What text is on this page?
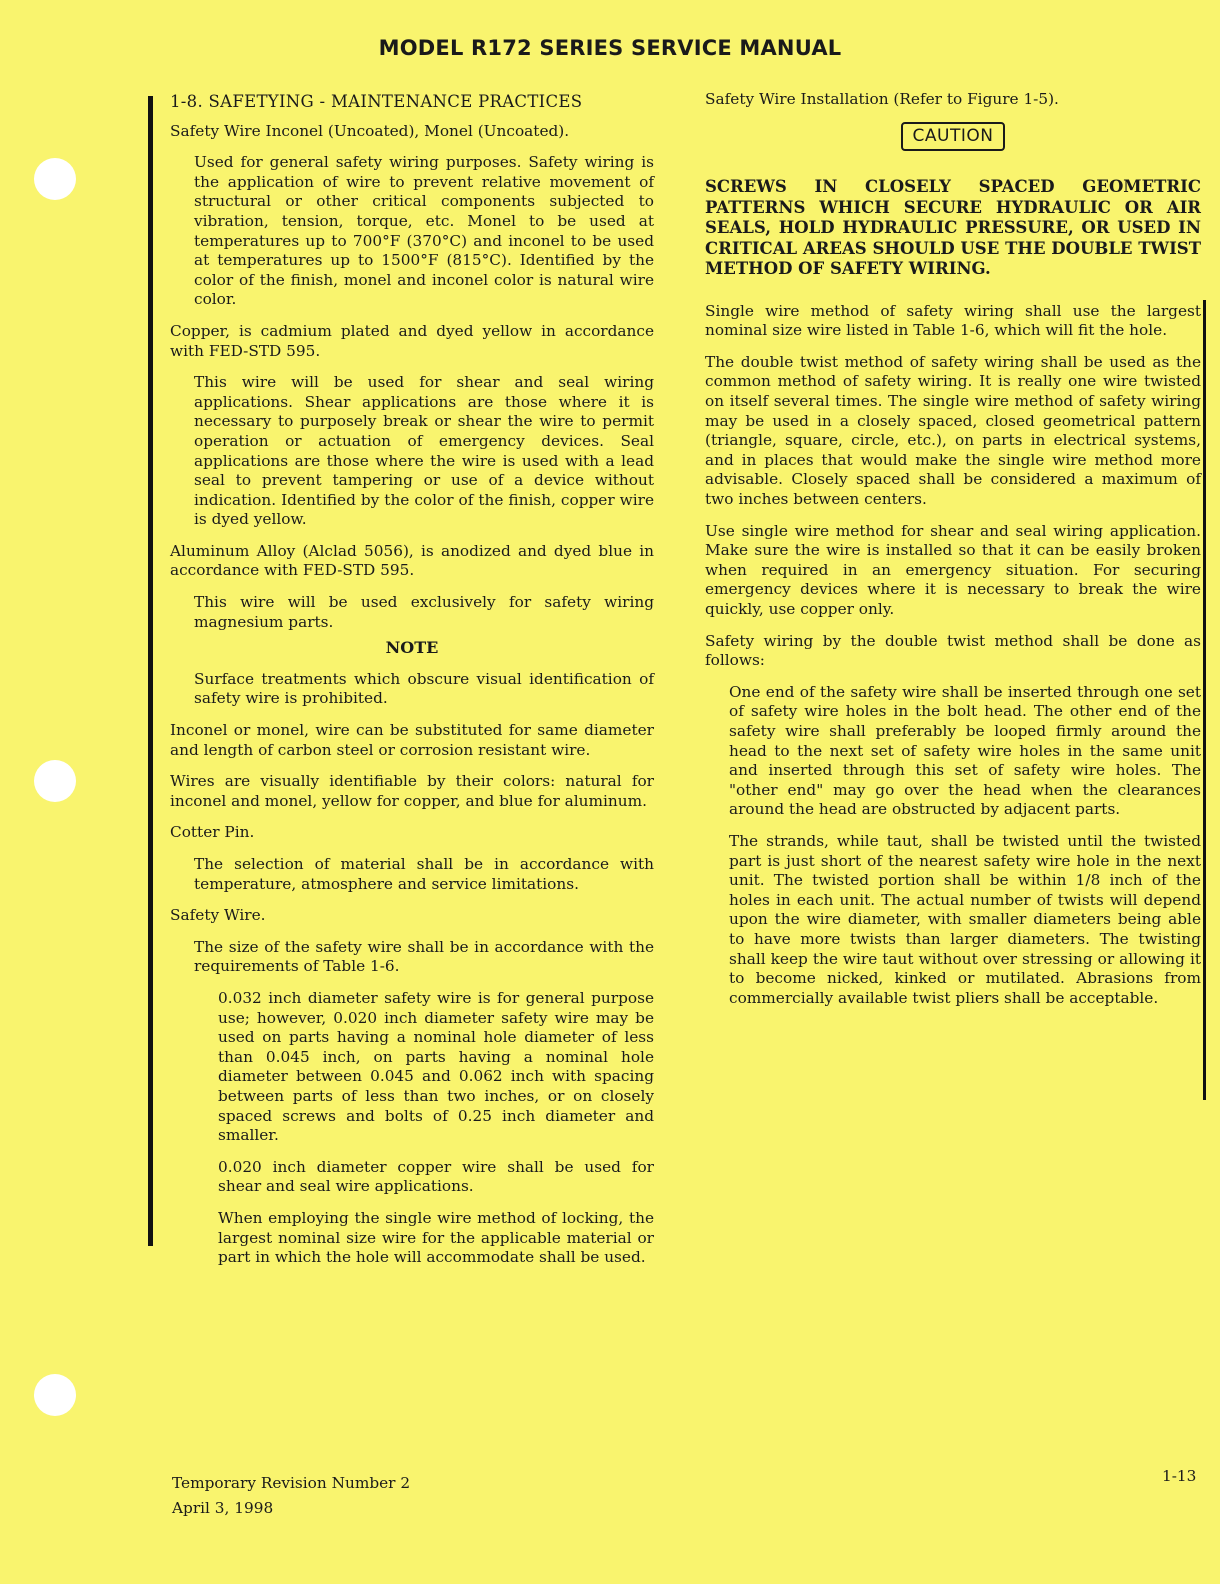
MODEL R172 SERIES SERVICE MANUAL

1-8. SAFETYING - MAINTENANCE PRACTICES

Safety Wire Inconel (Uncoated), Monel (Uncoated).

Used for general safety wiring purposes. Safety wiring is the application of wire to prevent relative movement of structural or other critical components subjected to vibration, tension, torque, etc. Monel to be used at temperatures up to 700°F (370°C) and inconel to be used at temperatures up to 1500°F (815°C). Identified by the color of the finish, monel and inconel color is natural wire color.

Copper, is cadmium plated and dyed yellow in accordance with FED-STD 595.

This wire will be used for shear and seal wiring applications. Shear applications are those where it is necessary to purposely break or shear the wire to permit operation or actuation of emergency devices. Seal applications are those where the wire is used with a lead seal to prevent tampering or use of a device without indication. Identified by the color of the finish, copper wire is dyed yellow.

Aluminum Alloy (Alclad 5056), is anodized and dyed blue in accordance with FED-STD 595.

This wire will be used exclusively for safety wiring magnesium parts.

NOTE

Surface treatments which obscure visual identification of safety wire is prohibited.

Inconel or monel, wire can be substituted for same diameter and length of carbon steel or corrosion resistant wire.

Wires are visually identifiable by their colors: natural for inconel and monel, yellow for copper, and blue for aluminum.

Cotter Pin.

The selection of material shall be in accordance with temperature, atmosphere and service limitations.

Safety Wire.

The size of the safety wire shall be in accordance with the requirements of Table 1-6.

0.032 inch diameter safety wire is for general purpose use; however, 0.020 inch diameter safety wire may be used on parts having a nominal hole diameter of less than 0.045 inch, on parts having a nominal hole diameter between 0.045 and 0.062 inch with spacing between parts of less than two inches, or on closely spaced screws and bolts of 0.25 inch diameter and smaller.

0.020 inch diameter copper wire shall be used for shear and seal wire applications.

When employing the single wire method of locking, the largest nominal size wire for the applicable material or part in which the hole will accommodate shall be used.

Safety Wire Installation (Refer to Figure 1-5).

CAUTION

SCREWS IN CLOSELY SPACED GEOMETRIC PATTERNS WHICH SECURE HYDRAULIC OR AIR SEALS, HOLD HYDRAULIC PRESSURE, OR USED IN CRITICAL AREAS SHOULD USE THE DOUBLE TWIST METHOD OF SAFETY WIRING.

Single wire method of safety wiring shall use the largest nominal size wire listed in Table 1-6, which will fit the hole.

The double twist method of safety wiring shall be used as the common method of safety wiring. It is really one wire twisted on itself several times. The single wire method of safety wiring may be used in a closely spaced, closed geometrical pattern (triangle, square, circle, etc.), on parts in electrical systems, and in places that would make the single wire method more advisable. Closely spaced shall be considered a maximum of two inches between centers.

Use single wire method for shear and seal wiring application. Make sure the wire is installed so that it can be easily broken when required in an emergency situation. For securing emergency devices where it is necessary to break the wire quickly, use copper only.

Safety wiring by the double twist method shall be done as follows:

One end of the safety wire shall be inserted through one set of safety wire holes in the bolt head. The other end of the safety wire shall preferably be looped firmly around the head to the next set of safety wire holes in the same unit and inserted through this set of safety wire holes. The "other end" may go over the head when the clearances around the head are obstructed by adjacent parts.

The strands, while taut, shall be twisted until the twisted part is just short of the nearest safety wire hole in the next unit. The twisted portion shall be within 1/8 inch of the holes in each unit. The actual number of twists will depend upon the wire diameter, with smaller diameters being able to have more twists than larger diameters. The twisting shall keep the wire taut without over stressing or allowing it to become nicked, kinked or mutilated. Abrasions from commercially available twist pliers shall be acceptable.

Temporary Revision Number 2
April 3, 1998
1-13
